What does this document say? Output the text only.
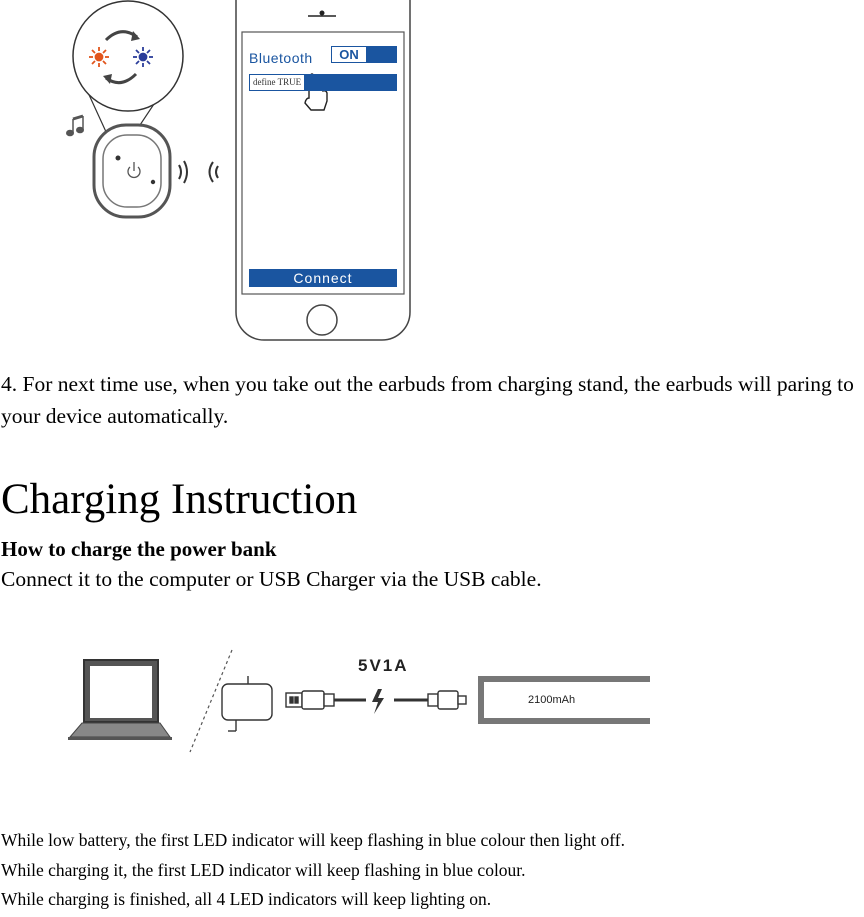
Bluetooth	ON
define TRUE
Connect

4. For next time use, when you take out the earbuds from charging stand, the earbuds will paring to your device automatically.

Charging Instruction
How to charge the power bank

Connect it to the computer or USB Charger via the USB cable.

5V1A
2100mAh
While low battery, the first LED indicator will keep flashing in blue colour then light off.
While charging it, the first LED indicator will keep flashing in blue colour.
While charging is finished, all 4 LED indicators will keep lighting on.
